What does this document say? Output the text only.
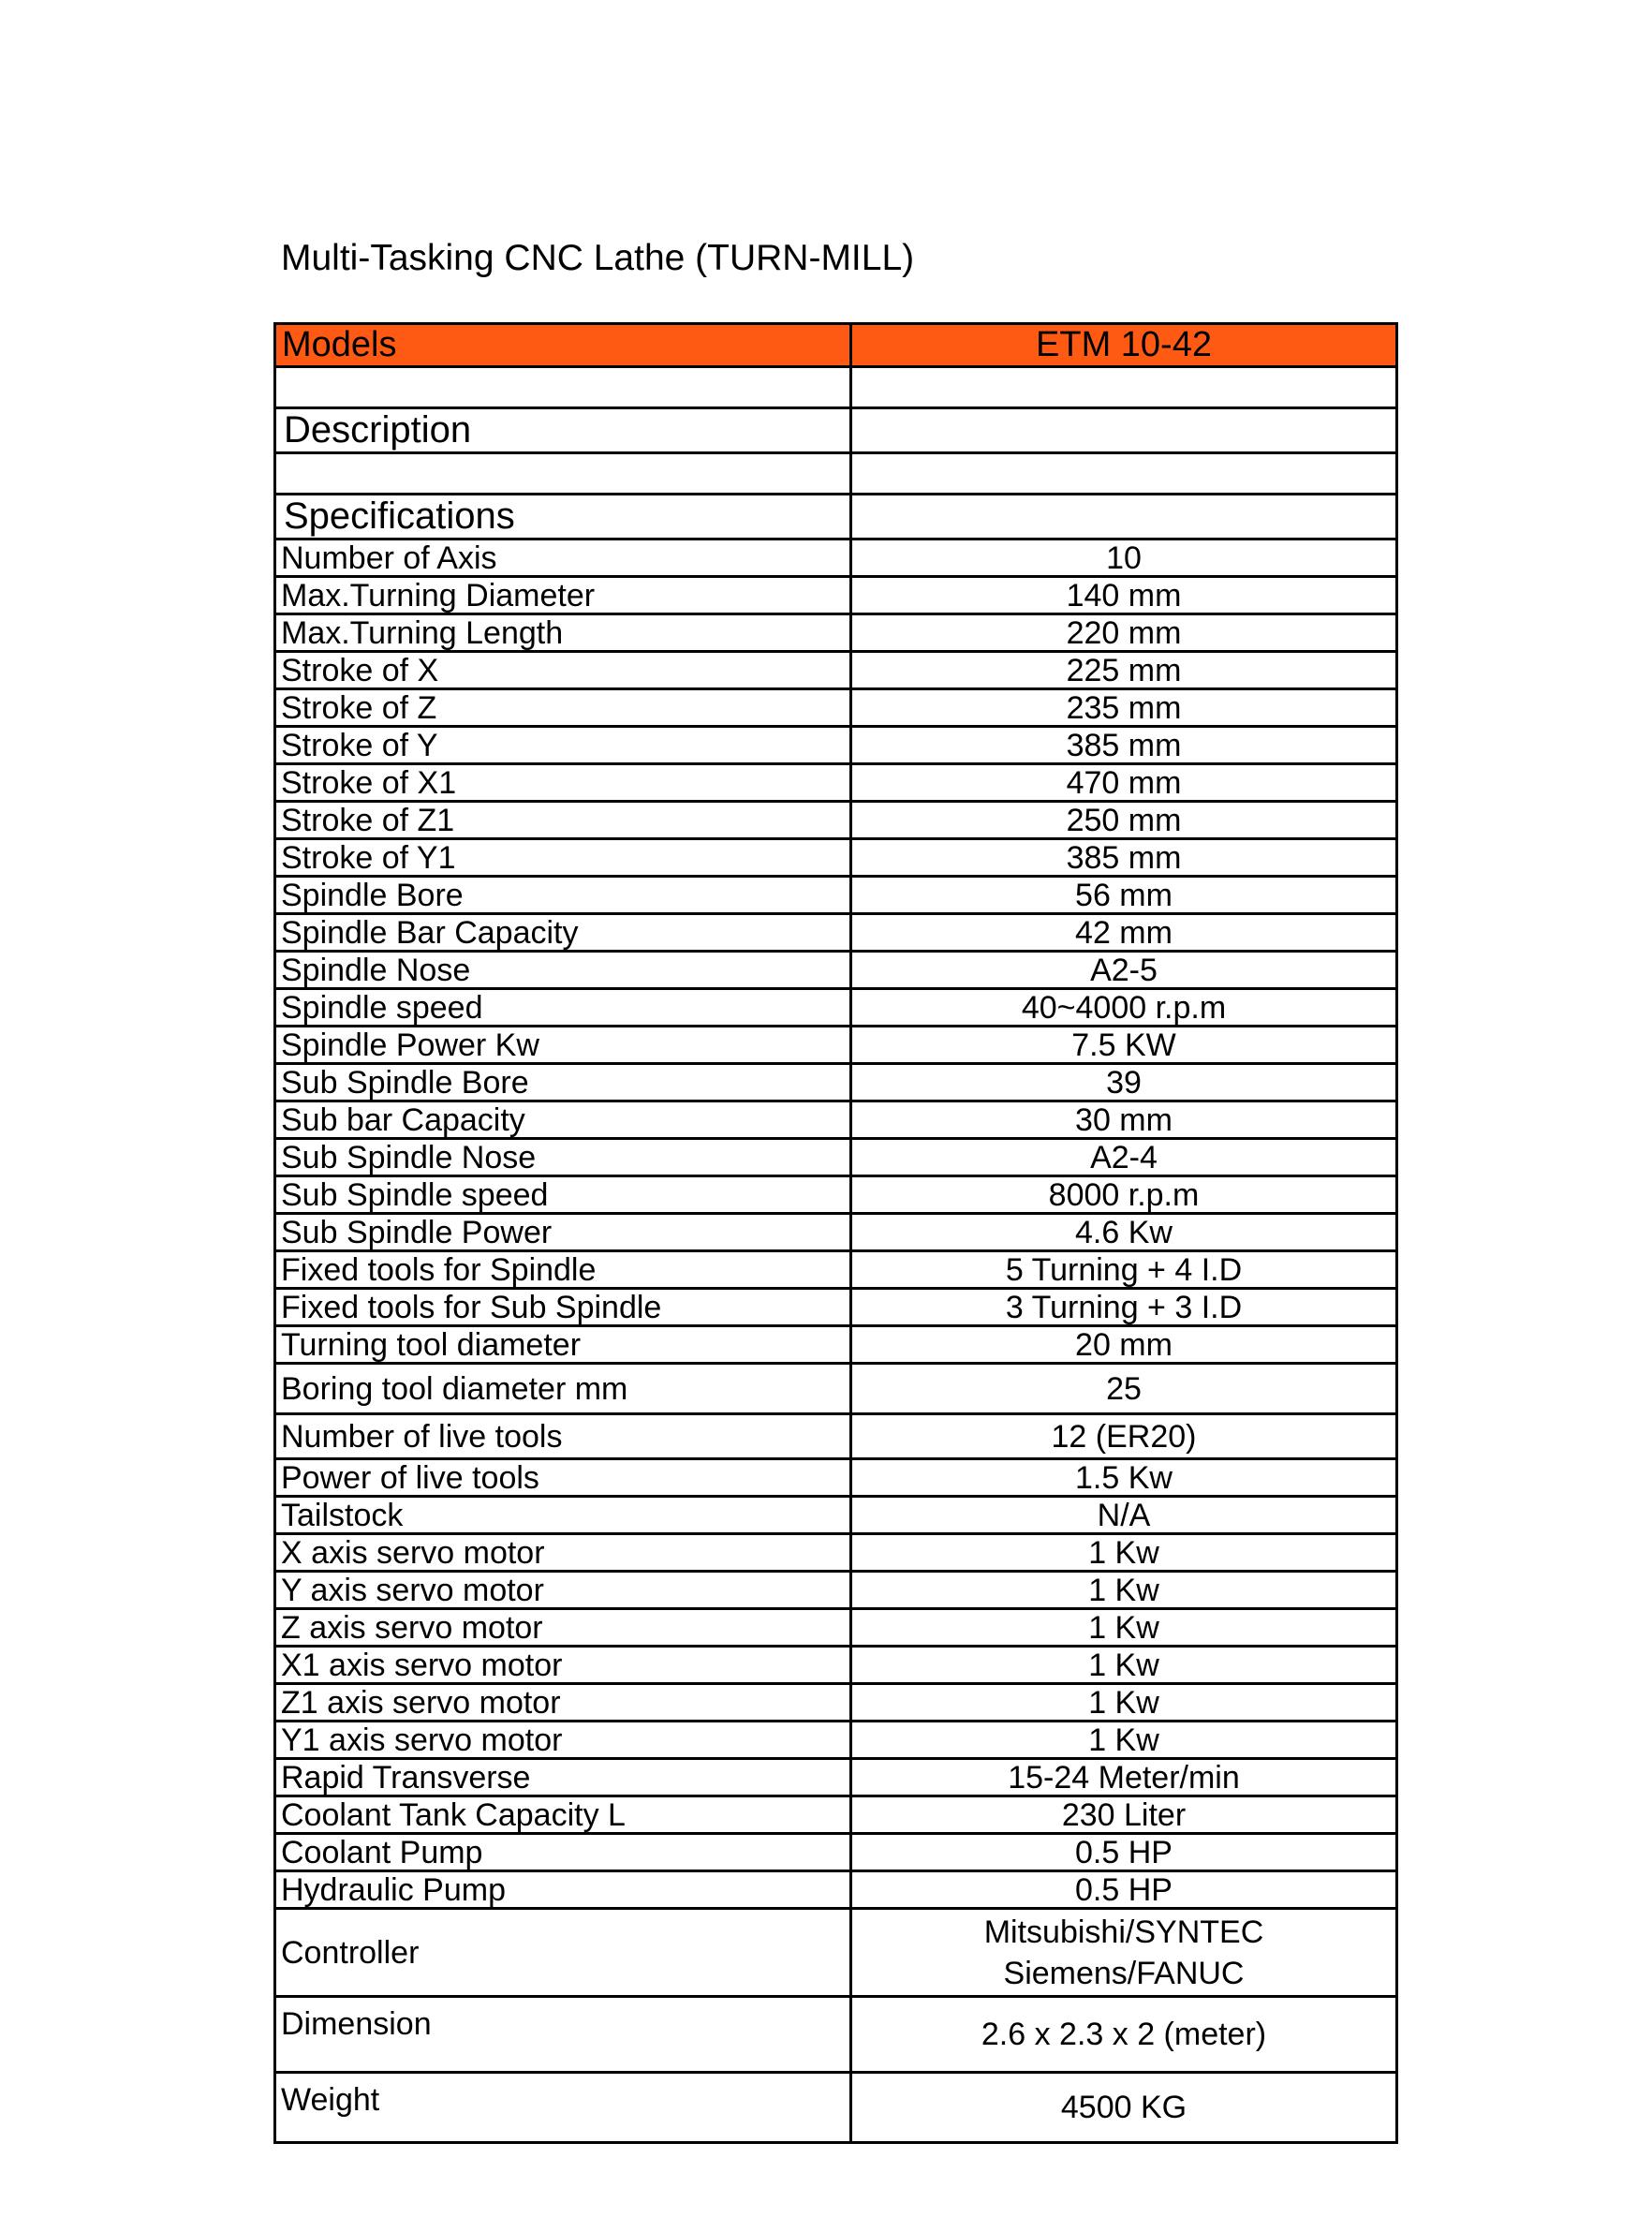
Multi-Tasking CNC Lathe (TURN-MILL)
Models	ETM 10-42

Description	

Specifications	
Number of Axis	10
Max.Turning Diameter	140 mm
Max.Turning Length	220 mm
Stroke of X	225 mm
Stroke of Z	235 mm
Stroke of Y	385 mm
Stroke of X1	470 mm
Stroke of Z1	250 mm
Stroke of Y1	385 mm
Spindle Bore	56 mm
Spindle Bar Capacity	42 mm
Spindle Nose	A2-5
Spindle speed	40~4000 r.p.m
Spindle Power Kw	7.5 KW
Sub Spindle Bore	39
Sub bar Capacity	30 mm
Sub Spindle Nose	A2-4
Sub Spindle speed	8000 r.p.m
Sub Spindle Power	4.6 Kw
Fixed tools for Spindle	5 Turning + 4 I.D
Fixed tools for Sub Spindle	3 Turning + 3 I.D
Turning tool diameter	20 mm
Boring tool diameter mm	25
Number of live tools	12 (ER20)
Power of live tools	1.5 Kw
Tailstock	N/A
X axis servo motor	1 Kw
Y axis servo motor	1 Kw
Z axis servo motor	1 Kw
X1 axis servo motor	1 Kw
Z1 axis servo motor	1 Kw
Y1 axis servo motor	1 Kw
Rapid Transverse	15-24 Meter/min
Coolant Tank Capacity L	230 Liter
Coolant Pump	0.5 HP
Hydraulic Pump	0.5 HP
Controller	Mitsubishi/SYNTEC
Siemens/FANUC

Dimension	2.6 x 2.3 x 2 (meter)
Weight	4500 KG
